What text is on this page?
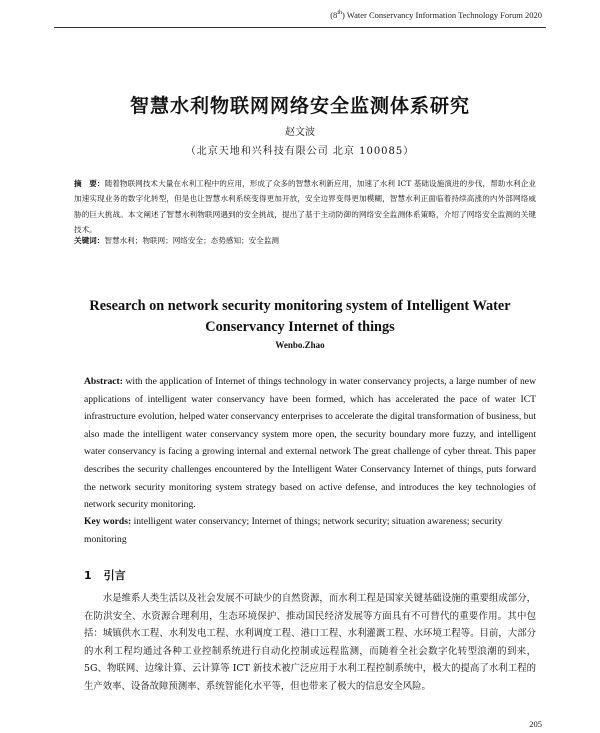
(8th) Water Conservancy Information Technology Forum 2020
智慧水利物联网网络安全监测体系研究

赵文波

（北京天地和兴科技有限公司 北京 100085）

摘　要：随着物联网技术大量在水利工程中的应用，形成了众多的智慧水利新应用，加速了水利 ICT 基础设施演进的步伐，帮助水利企业加速实现业务的数字化转型，但是也让智慧水利系统变得更加开放，安全边界变得更加模糊，智慧水利正面临着持续高涨的内外部网络威胁的巨大挑战。本文阐述了智慧水利物联网遇到的安全挑战，提出了基于主动防御的网络安全监测体系策略，介绍了网络安全监测的关键技术。

关键词：智慧水利；物联网；网络安全；态势感知；安全监测

Research on network security monitoring system of Intelligent Water Conservancy Internet of things

Wenbo.Zhao

Abstract: with the application of Internet of things technology in water conservancy projects, a large number of new applications of intelligent water conservancy have been formed, which has accelerated the pace of water ICT infrastructure evolution, helped water conservancy enterprises to accelerate the digital transformation of business, but also made the intelligent water conservancy system more open, the security boundary more fuzzy, and intelligent water conservancy is facing a growing internal and external network The great challenge of cyber threat. This paper describes the security challenges encountered by the Intelligent Water Conservancy Internet of things, puts forward the network security monitoring system strategy based on active defense, and introduces the key technologies of network security monitoring.

Key words: intelligent water conservancy; Internet of things; network security; situation awareness; security monitoring

1 引言

水是维系人类生活以及社会发展不可缺少的自然资源，而水利工程是国家关键基础设施的重要组成部分，在防洪安全、水资源合理利用，生态环境保护、推动国民经济发展等方面具有不可替代的重要作用。其中包括：城镇供水工程、水利发电工程、水利调度工程、港口工程、水利灌溉工程、水环境工程等。目前，大部分的水利工程均通过各种工业控制系统进行自动化控制或远程监测，而随着全社会数字化转型浪潮的到来，5G、物联网、边缘计算、云计算等 ICT 新技术被广泛应用于水利工程控制系统中，极大的提高了水利工程的生产效率、设备故障预测率、系统智能化水平等，但也带来了极大的信息安全风险。

205
